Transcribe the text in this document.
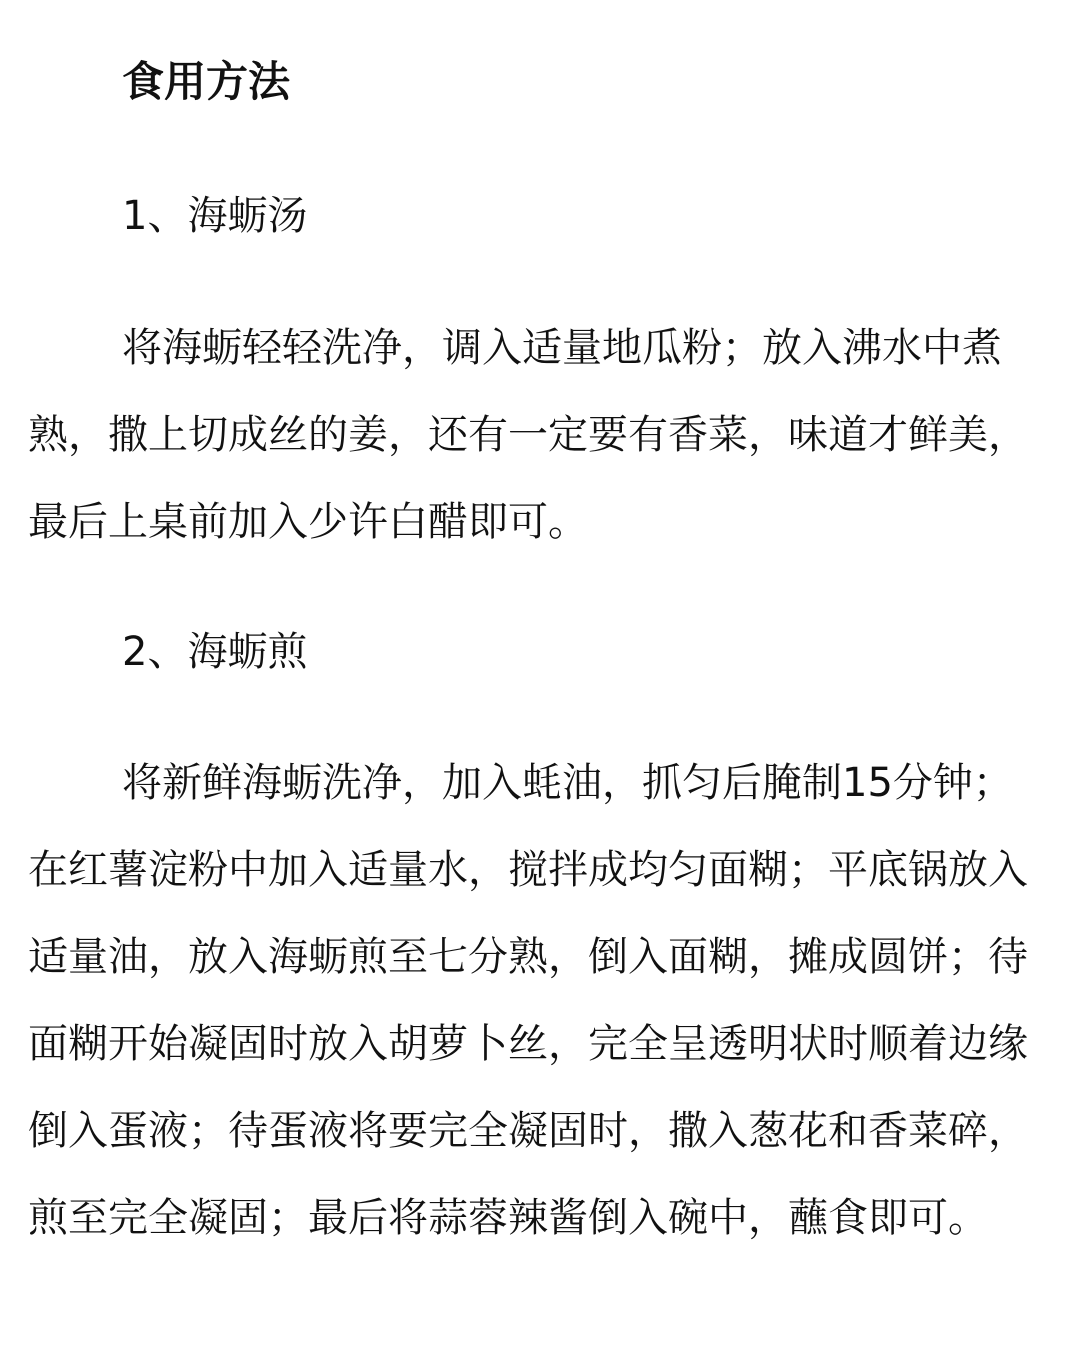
食用方法
1、海蛎汤

将海蛎轻轻洗净，调入适量地瓜粉；放入沸水中煮熟，撒上切成丝的姜，还有一定要有香菜，味道才鲜美，最后上桌前加入少许白醋即可。

2、海蛎煎

将新鲜海蛎洗净，加入蚝油，抓匀后腌制15分钟；在红薯淀粉中加入适量水，搅拌成均匀面糊；平底锅放入适量油，放入海蛎煎至七分熟，倒入面糊，摊成圆饼；待面糊开始凝固时放入胡萝卜丝，完全呈透明状时顺着边缘倒入蛋液；待蛋液将要完全凝固时，撒入葱花和香菜碎，煎至完全凝固；最后将蒜蓉辣酱倒入碗中，蘸食即可。
